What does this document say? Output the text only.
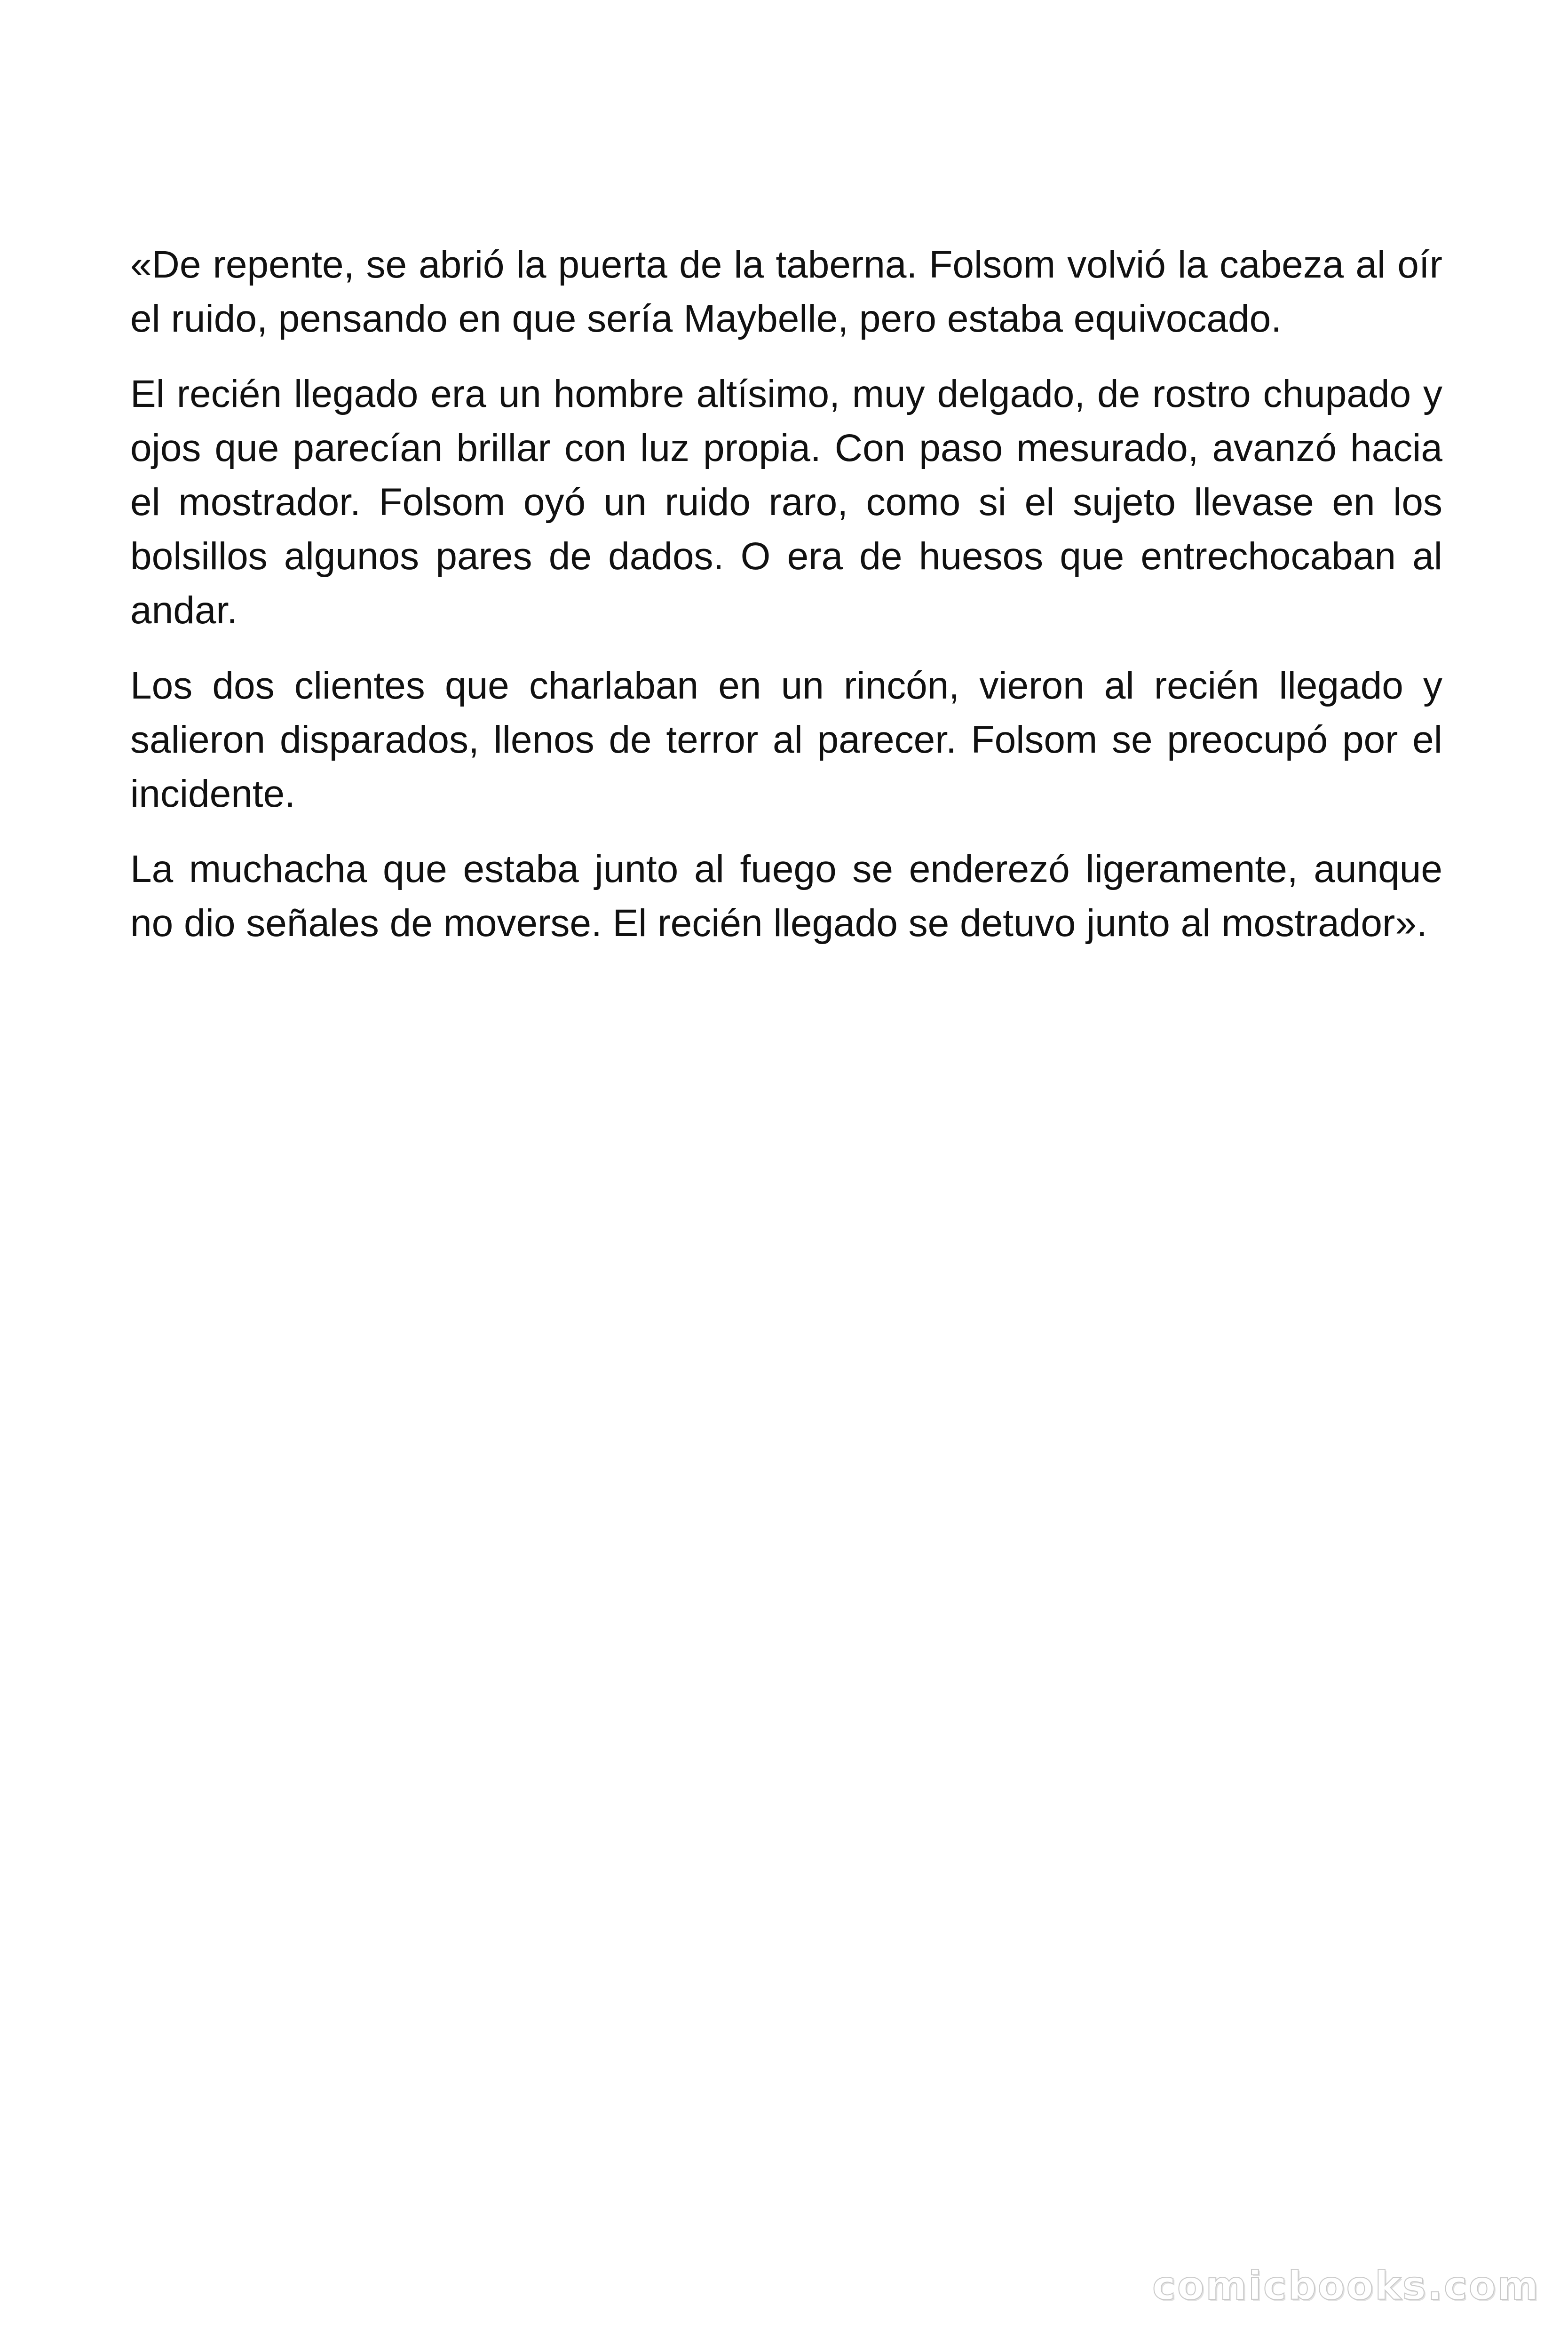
«De repente, se abrió la puerta de la taberna. Folsom volvió la cabeza al oír el ruido, pensando en que sería Maybelle, pero estaba equivocado.

El recién llegado era un hombre altísimo, muy delgado, de rostro chupado y ojos que parecían brillar con luz propia. Con paso mesurado, avanzó hacia el mostrador. Folsom oyó un ruido raro, como si el sujeto llevase en los bolsillos algunos pares de dados. O era de huesos que entrechocaban al andar.

Los dos clientes que charlaban en un rincón, vieron al recién llegado y salieron disparados, llenos de terror al parecer. Folsom se preocupó por el incidente.

La muchacha que estaba junto al fuego se enderezó ligeramente, aunque no dio señales de moverse. El recién llegado se detuvo junto al mostrador».

comicbooks.com
